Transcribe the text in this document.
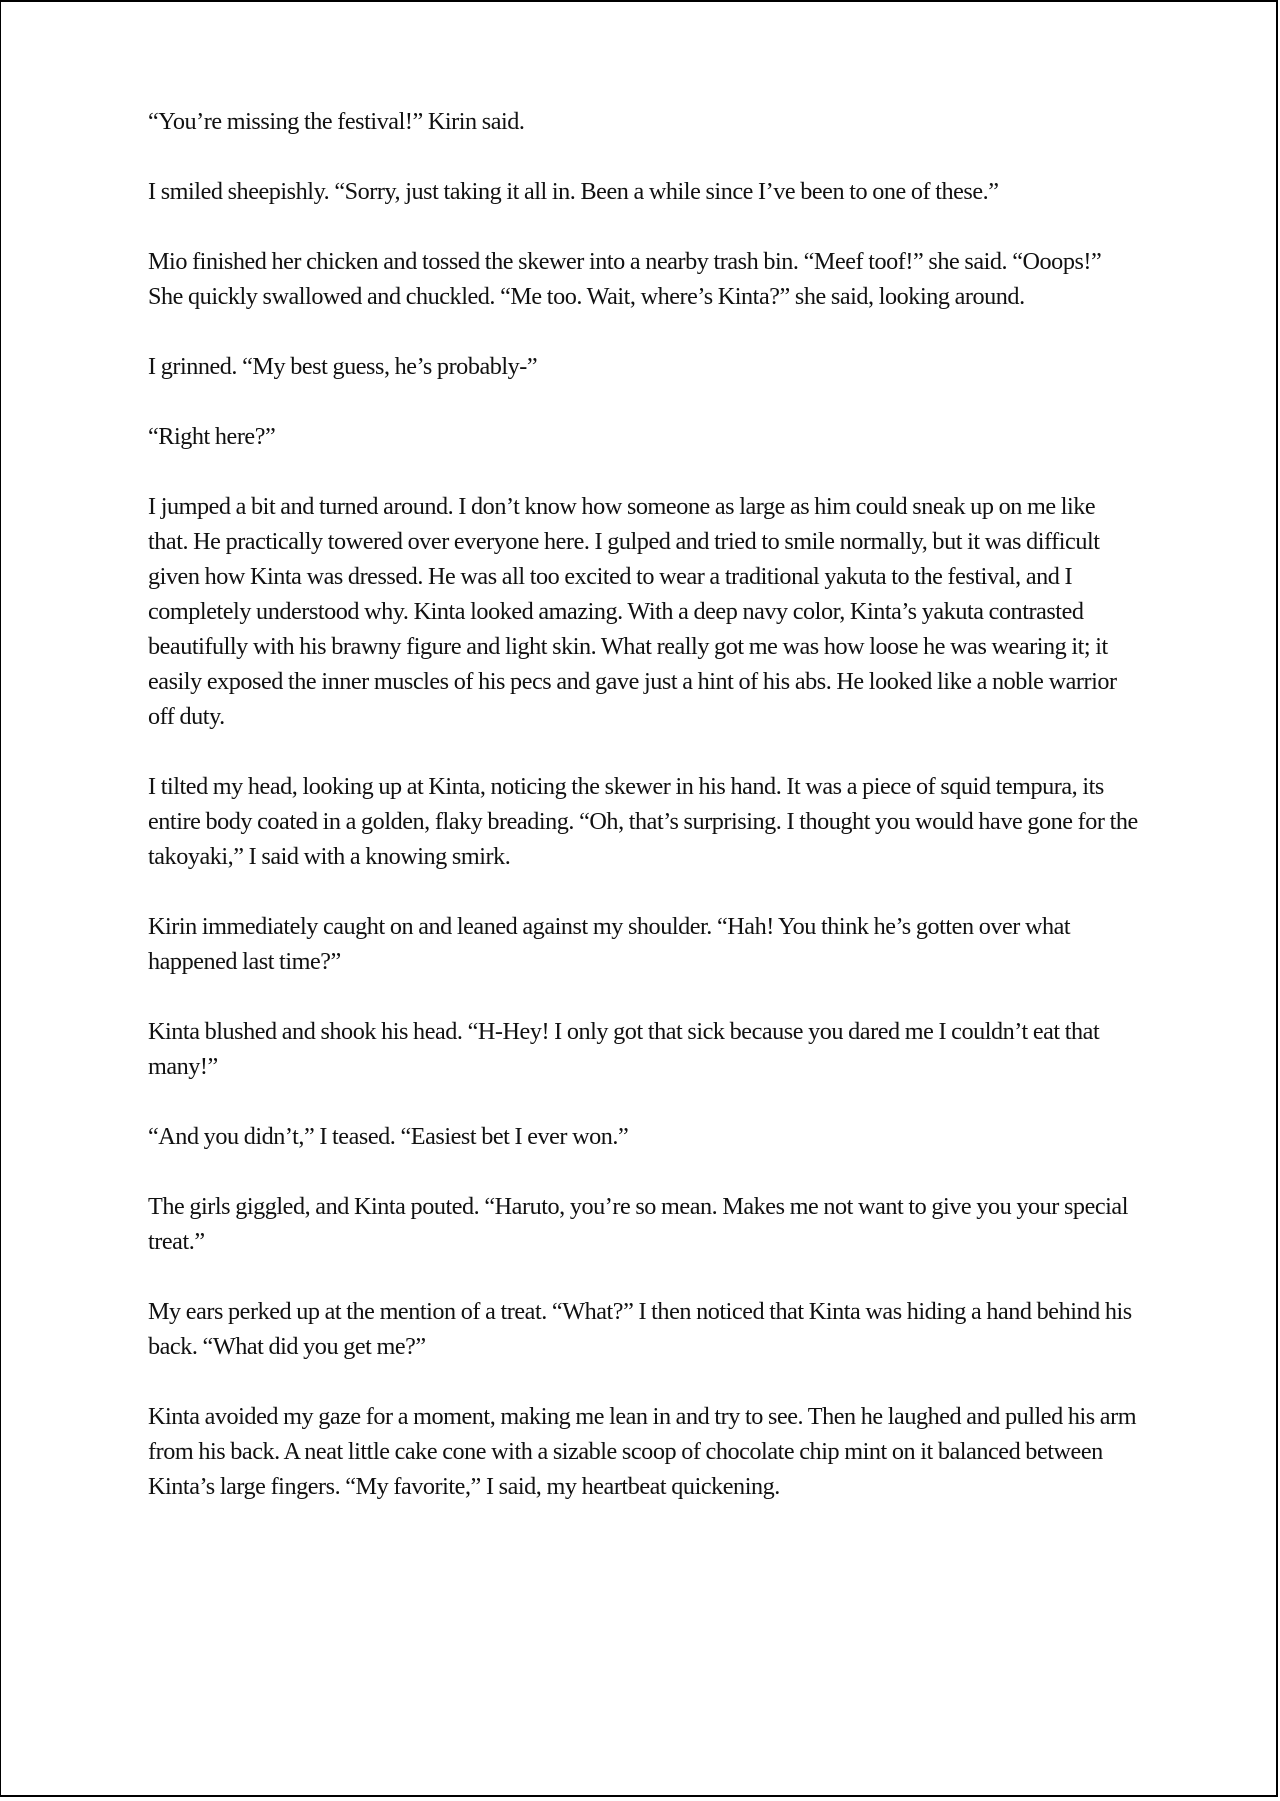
“You’re missing the festival!” Kirin said.

I smiled sheepishly. “Sorry, just taking it all in. Been a while since I’ve been to one of these.”

Mio finished her chicken and tossed the skewer into a nearby trash bin. “Meef toof!” she said. “Ooops!” She quickly swallowed and chuckled. “Me too. Wait, where’s Kinta?” she said, looking around.

I grinned. “My best guess, he’s probably-”

“Right here?”

I jumped a bit and turned around. I don’t know how someone as large as him could sneak up on me like that. He practically towered over everyone here. I gulped and tried to smile normally, but it was difficult given how Kinta was dressed. He was all too excited to wear a traditional yakuta to the festival, and I completely understood why. Kinta looked amazing. With a deep navy color, Kinta’s yakuta contrasted beautifully with his brawny figure and light skin. What really got me was how loose he was wearing it; it easily exposed the inner muscles of his pecs and gave just a hint of his abs. He looked like a noble warrior off duty.

I tilted my head, looking up at Kinta, noticing the skewer in his hand. It was a piece of squid tempura, its entire body coated in a golden, flaky breading. “Oh, that’s surprising. I thought you would have gone for the takoyaki,” I said with a knowing smirk.

Kirin immediately caught on and leaned against my shoulder. “Hah! You think he’s gotten over what happened last time?”

Kinta blushed and shook his head. “H-Hey! I only got that sick because you dared me I couldn’t eat that many!”

“And you didn’t,” I teased. “Easiest bet I ever won.”

The girls giggled, and Kinta pouted. “Haruto, you’re so mean. Makes me not want to give you your special treat.”

My ears perked up at the mention of a treat. “What?” I then noticed that Kinta was hiding a hand behind his back. “What did you get me?”

Kinta avoided my gaze for a moment, making me lean in and try to see. Then he laughed and pulled his arm from his back. A neat little cake cone with a sizable scoop of chocolate chip mint on it balanced between Kinta’s large fingers. “My favorite,” I said, my heartbeat quickening.
